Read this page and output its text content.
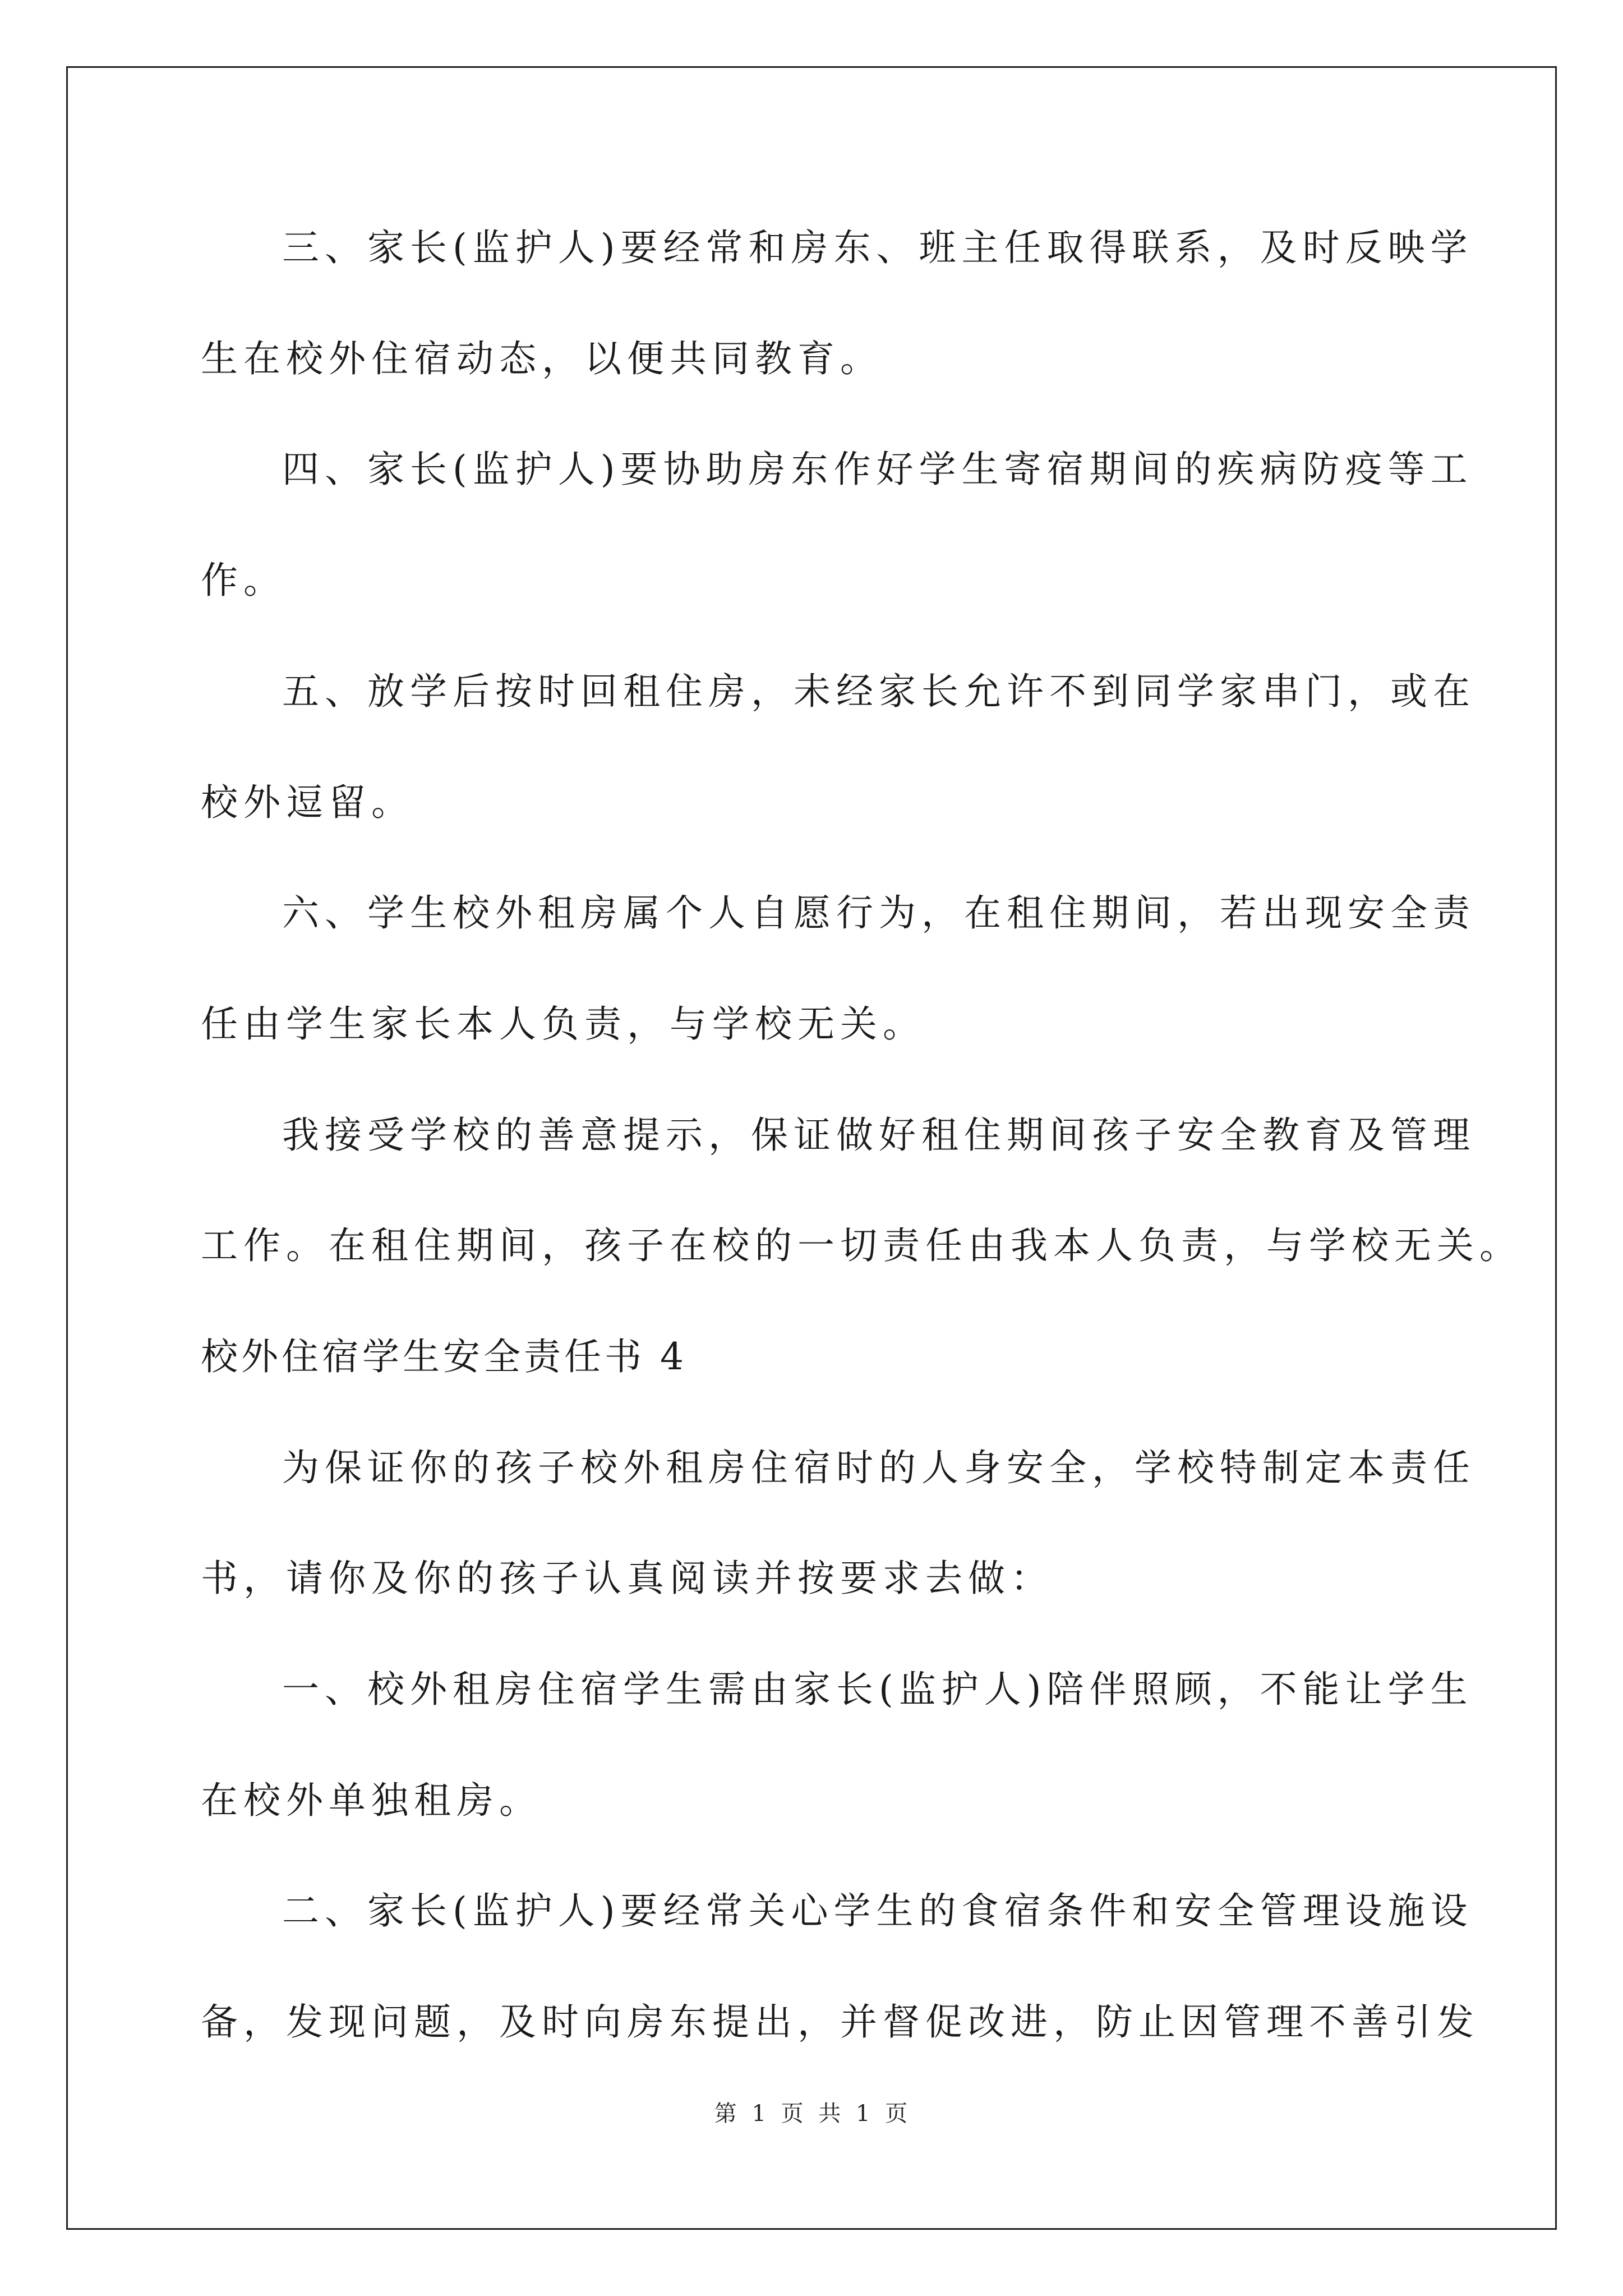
三、家长(监护人)要经常和房东、班主任取得联系，及时反映学
生在校外住宿动态，以便共同教育。
四、家长(监护人)要协助房东作好学生寄宿期间的疾病防疫等工
作。
五、放学后按时回租住房，未经家长允许不到同学家串门，或在
校外逗留。
六、学生校外租房属个人自愿行为，在租住期间，若出现安全责
任由学生家长本人负责，与学校无关。
我接受学校的善意提示，保证做好租住期间孩子安全教育及管理
工作。在租住期间，孩子在校的一切责任由我本人负责，与学校无关。
校外住宿学生安全责任书 4
为保证你的孩子校外租房住宿时的人身安全，学校特制定本责任
书，请你及你的孩子认真阅读并按要求去做：
一、校外租房住宿学生需由家长(监护人)陪伴照顾，不能让学生
在校外单独租房。
二、家长(监护人)要经常关心学生的食宿条件和安全管理设施设
备，发现问题，及时向房东提出，并督促改进，防止因管理不善引发
第 1 页 共 1 页
